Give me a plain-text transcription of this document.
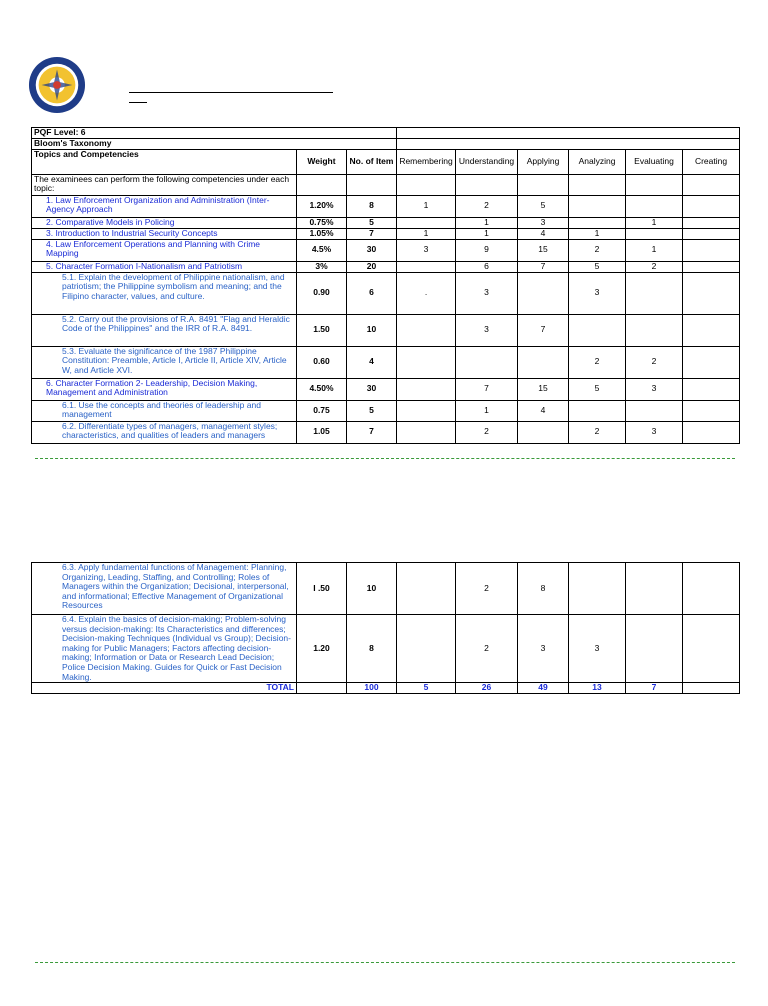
PQF Level: 6								
Bloom's Taxonomy								
Topics and Competencies	Weight	No. of Item	Remembering	Understanding	Applying	Analyzing	Evaluating	Creating
The examinees can perform the following competencies under each topic:								
1. Law Enforcement Organization and Administration (Inter-Agency Approach	1.20%	8	1	2	5			
2. Comparative Models in Policing	0.75%	5		1	3		1	
3. Introduction to Industrial Security Concepts	1.05%	7	1	1	4	1		
4. Law Enforcement Operations and Planning with Crime Mapping	4.5%	30	3	9	15	2	1	
5. Character Formation I-Nationalism and Patriotism	3%	20		6	7	5	2	
5.1. Explain the development of Philippine nationalism, and patriotism; the Philippine symbolism and meaning; and the Filipino character, values, and culture.	0.90	6	.	3		3		
5.2. Carry out the provisions of R.A. 8491 "Flag and Heraldic Code of the Philippines" and the IRR of R.A. 8491.	1.50	10		3	7			
5.3. Evaluate the significance of the 1987 Philippine Constitution: Preamble, Article I, Article II, Article XIV, Article W, and Article XVI.	0.60	4				2	2	
6. Character Formation 2- Leadership, Decision Making, Management and Administration	4.50%	30		7	15	5	3	
6.1. Use the concepts and theories of leadership and management	0.75	5		1	4			
6.2. Differentiate types of managers, management styles; characteristics, and qualities of leaders and managers	1.05	7		2		2	3	
6.3. Apply fundamental functions of Management: Planning, Organizing, Leading, Staffing, and Controlling; Roles of Managers within the Organization; Decisional, interpersonal, and informational; Effective Management of Organizational Resources	I .50	10		2	8			
6.4. Explain the basics of decision-making; Problem-solving versus decision-making: Its Characteristics and differences; Decision-making Techniques (Individual vs Group); Decision-making for Public Managers; Factors affecting decision-making; Information or Data or Research Lead Decision; Police Decision Making. Guides for Quick or Fast Decision Making.	1.20	8		2	3	3		
TOTAL		100	5	26	49	13	7	
